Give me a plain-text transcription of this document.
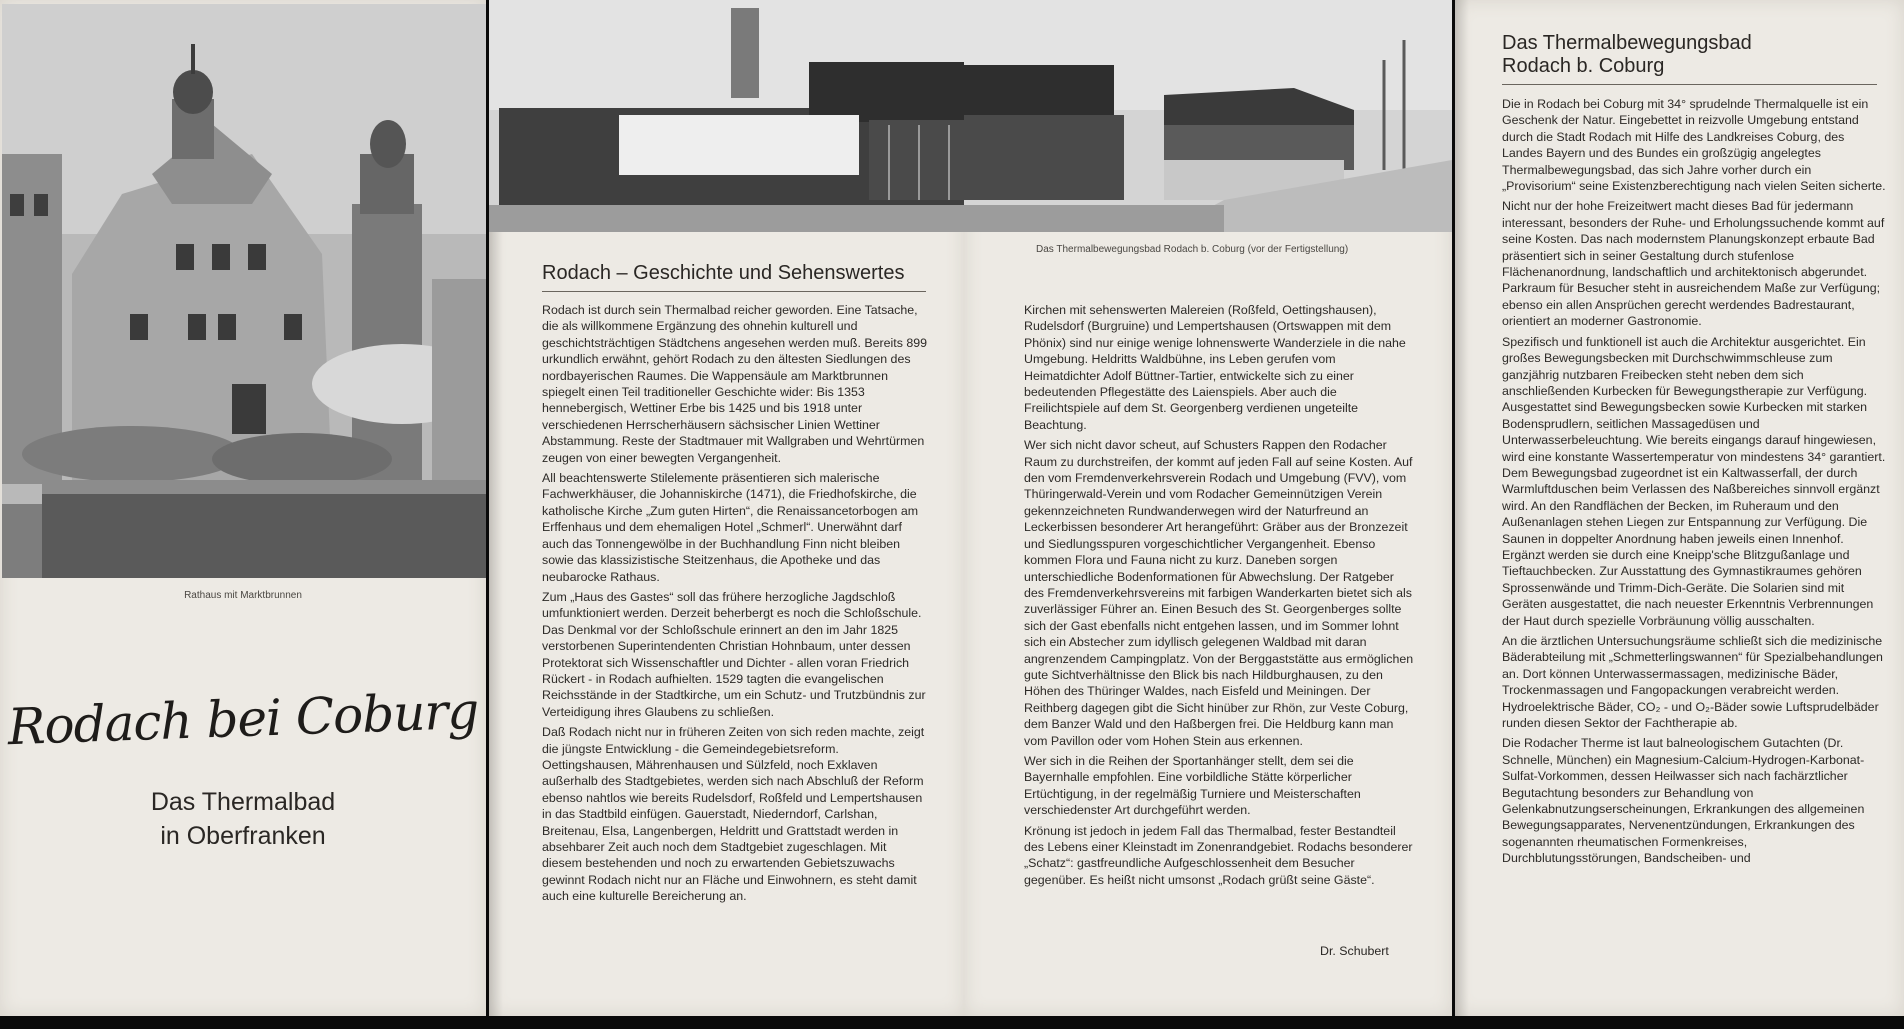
Rathaus mit Marktbrunnen
Rodach bei Coburg
Das Thermalbad
in Oberfranken
Rodach – Geschichte und Sehenswertes

Rodach ist durch sein Thermalbad reicher geworden. Eine Tatsache, die als willkommene Ergänzung des ohnehin kulturell und geschichtsträchtigen Städtchens angesehen werden muß. Bereits 899 urkundlich erwähnt, gehört Rodach zu den ältesten Siedlungen des nordbayerischen Raumes. Die Wappensäule am Marktbrunnen spiegelt einen Teil traditioneller Geschichte wider: Bis 1353 hennebergisch, Wettiner Erbe bis 1425 und bis 1918 unter verschiedenen Herrscherhäusern sächsischer Linien Wettiner Abstammung. Reste der Stadtmauer mit Wallgraben und Wehrtürmen zeugen von einer bewegten Vergangenheit.

All beachtenswerte Stilelemente präsentieren sich malerische Fachwerkhäuser, die Johanniskirche (1471), die Friedhofskirche, die katholische Kirche „Zum guten Hirten“, die Renaissancetorbogen am Erffenhaus und dem ehemaligen Hotel „Schmerl“. Unerwähnt darf auch das Tonnengewölbe in der Buchhandlung Finn nicht bleiben sowie das klassizistische Steitzenhaus, die Apotheke und das neubarocke Rathaus.

Zum „Haus des Gastes“ soll das frühere herzogliche Jagdschloß umfunktioniert werden. Derzeit beherbergt es noch die Schloßschule. Das Denkmal vor der Schloßschule erinnert an den im Jahr 1825 verstorbenen Superintendenten Christian Hohnbaum, unter dessen Protektorat sich Wissenschaftler und Dichter - allen voran Friedrich Rückert - in Rodach aufhielten. 1529 tagten die evangelischen Reichsstände in der Stadtkirche, um ein Schutz- und Trutzbündnis zur Verteidigung ihres Glaubens zu schließen.

Daß Rodach nicht nur in früheren Zeiten von sich reden machte, zeigt die jüngste Entwicklung - die Gemeindegebietsreform. Oettingshausen, Mährenhausen und Sülzfeld, noch Exklaven außerhalb des Stadtgebietes, werden sich nach Abschluß der Reform ebenso nahtlos wie bereits Rudelsdorf, Roßfeld und Lempertshausen in das Stadtbild einfügen. Gauerstadt, Niederndorf, Carlshan, Breitenau, Elsa, Langenbergen, Heldritt und Grattstadt werden in absehbarer Zeit auch noch dem Stadtgebiet zugeschlagen. Mit diesem bestehenden und noch zu erwartenden Gebietszuwachs gewinnt Rodach nicht nur an Fläche und Einwohnern, es steht damit auch eine kulturelle Bereicherung an.

Das Thermalbewegungsbad Rodach b. Coburg (vor der Fertigstellung)

Kirchen mit sehenswerten Malereien (Roßfeld, Oettingshausen), Rudelsdorf (Burgruine) und Lempertshausen (Ortswappen mit dem Phönix) sind nur einige wenige lohnenswerte Wanderziele in die nahe Umgebung. Heldritts Waldbühne, ins Leben gerufen vom Heimatdichter Adolf Büttner-Tartier, entwickelte sich zu einer bedeutenden Pflegestätte des Laienspiels. Aber auch die Freilichtspiele auf dem St. Georgenberg verdienen ungeteilte Beachtung.

Wer sich nicht davor scheut, auf Schusters Rappen den Rodacher Raum zu durchstreifen, der kommt auf jeden Fall auf seine Kosten. Auf den vom Fremdenverkehrsverein Rodach und Umgebung (FVV), vom Thüringerwald-Verein und vom Rodacher Gemeinnützigen Verein gekennzeichneten Rundwanderwegen wird der Naturfreund an Leckerbissen besonderer Art herangeführt: Gräber aus der Bronzezeit und Siedlungsspuren vorgeschichtlicher Vergangenheit. Ebenso kommen Flora und Fauna nicht zu kurz. Daneben sorgen unterschiedliche Bodenformationen für Abwechslung. Der Ratgeber des Fremdenverkehrsvereins mit farbigen Wanderkarten bietet sich als zuverlässiger Führer an. Einen Besuch des St. Georgenberges sollte sich der Gast ebenfalls nicht entgehen lassen, und im Sommer lohnt sich ein Abstecher zum idyllisch gelegenen Waldbad mit daran angrenzendem Campingplatz. Von der Berggaststätte aus ermöglichen gute Sichtverhältnisse den Blick bis nach Hildburghausen, zu den Höhen des Thüringer Waldes, nach Eisfeld und Meiningen. Der Reithberg dagegen gibt die Sicht hinüber zur Rhön, zur Veste Coburg, dem Banzer Wald und den Haßbergen frei. Die Heldburg kann man vom Pavillon oder vom Hohen Stein aus erkennen.

Wer sich in die Reihen der Sportanhänger stellt, dem sei die Bayernhalle empfohlen. Eine vorbildliche Stätte körperlicher Ertüchtigung, in der regelmäßig Turniere und Meisterschaften verschiedenster Art durchgeführt werden.

Krönung ist jedoch in jedem Fall das Thermalbad, fester Bestandteil des Lebens einer Kleinstadt im Zonenrandgebiet. Rodachs besonderer „Schatz“: gastfreundliche Aufgeschlossenheit dem Besucher gegenüber. Es heißt nicht umsonst „Rodach grüßt seine Gäste“.

Dr. Schubert
Das Thermalbewegungsbad
Rodach b. Coburg

Die in Rodach bei Coburg mit 34° sprudelnde Thermalquelle ist ein Geschenk der Natur. Eingebettet in reizvolle Umgebung entstand durch die Stadt Rodach mit Hilfe des Landkreises Coburg, des Landes Bayern und des Bundes ein großzügig angelegtes Thermalbewegungsbad, das sich Jahre vorher durch ein „Provisorium“ seine Existenzberechtigung nach vielen Seiten sicherte.

Nicht nur der hohe Freizeitwert macht dieses Bad für jedermann interessant, besonders der Ruhe- und Erholungssuchende kommt auf seine Kosten. Das nach modernstem Planungskonzept erbaute Bad präsentiert sich in seiner Gestaltung durch stufenlose Flächenanordnung, landschaftlich und architektonisch abgerundet. Parkraum für Besucher steht in ausreichendem Maße zur Verfügung; ebenso ein allen Ansprüchen gerecht werdendes Badrestaurant, orientiert an moderner Gastronomie.

Spezifisch und funktionell ist auch die Architektur ausgerichtet. Ein großes Bewegungsbecken mit Durchschwimmschleuse zum ganzjährig nutzbaren Freibecken steht neben dem sich anschließenden Kurbecken für Bewegungstherapie zur Verfügung. Ausgestattet sind Bewegungsbecken sowie Kurbecken mit starken Bodensprudlern, seitlichen Massagedüsen und Unterwasserbeleuchtung. Wie bereits eingangs darauf hingewiesen, wird eine konstante Wassertemperatur von mindestens 34° garantiert. Dem Bewegungsbad zugeordnet ist ein Kaltwasserfall, der durch Warmluftduschen beim Verlassen des Naßbereiches sinnvoll ergänzt wird. An den Randflächen der Becken, im Ruheraum und den Außenanlagen stehen Liegen zur Entspannung zur Verfügung. Die Saunen in doppelter Anordnung haben jeweils einen Innenhof. Ergänzt werden sie durch eine Kneipp'sche Blitzgußanlage und Tieftauchbecken. Zur Ausstattung des Gymnastikraumes gehören Sprossenwände und Trimm-Dich-Geräte. Die Solarien sind mit Geräten ausgestattet, die nach neuester Erkenntnis Verbrennungen der Haut durch spezielle Vorbräunung völlig ausschalten.

An die ärztlichen Untersuchungsräume schließt sich die medizinische Bäderabteilung mit „Schmetterlingswannen“ für Spezialbehandlungen an. Dort können Unterwassermassagen, medizinische Bäder, Trockenmassagen und Fangopackungen verabreicht werden. Hydroelektrische Bäder, CO₂ - und O₂-Bäder sowie Luftsprudelbäder runden diesen Sektor der Fachtherapie ab.

Die Rodacher Therme ist laut balneologischem Gutachten (Dr. Schnelle, München) ein Magnesium-Calcium-Hydrogen-Karbonat-Sulfat-Vorkommen, dessen Heilwasser sich nach fachärztlicher Begutachtung besonders zur Behandlung von Gelenkabnutzungserscheinungen, Erkrankungen des allgemeinen Bewegungsapparates, Nervenentzündungen, Erkrankungen des sogenannten rheumatischen Formenkreises, Durchblutungsstörungen, Bandscheiben- und
